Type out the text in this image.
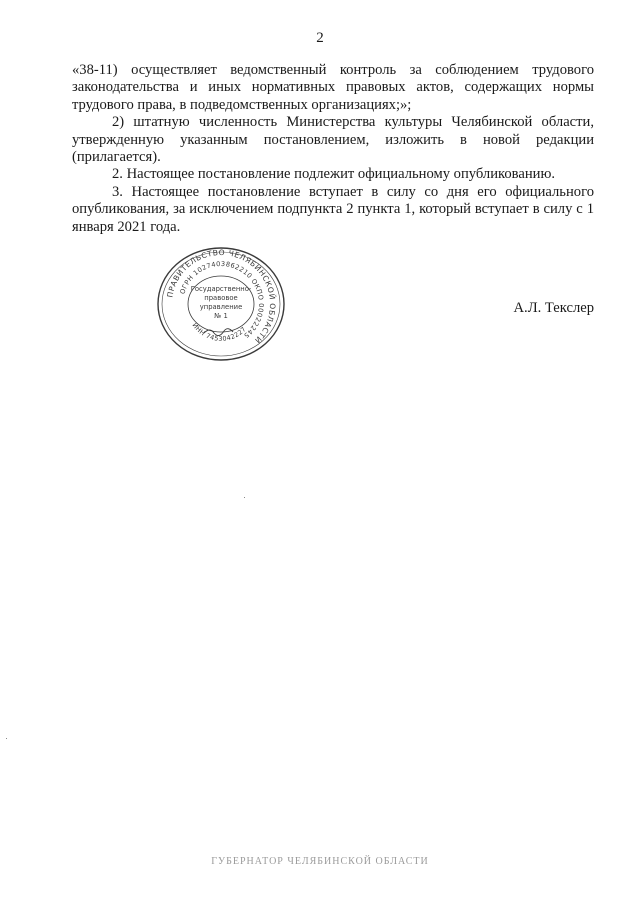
2

«38-11) осуществляет ведомственный контроль за соблюдением трудового законодательства и иных нормативных правовых актов, содержащих нормы трудового права, в подведомственных организациях;»;

2) штатную численность Министерства культуры Челябинской области, утвержденную указанным постановлением, изложить в новой редакции (прилагается).

2. Настоящее постановление подлежит официальному опубликованию.

3. Настоящее постановление вступает в силу со дня его официального опубликования, за исключением подпункта 2 пункта 1, который вступает в силу с 1 января 2021 года.

ПРАВИТЕЛЬСТВО ЧЕЛЯБИНСКОЙ ОБЛАСТИ
ОГРН 1027403862210 ОКПО 00022245
ИНН 7453042227
Государственно-
правовое
управление
№ 1	А.Л. Текслер
ГУБЕРНАТОР ЧЕЛЯБИНСКОЙ ОБЛАСТИ
